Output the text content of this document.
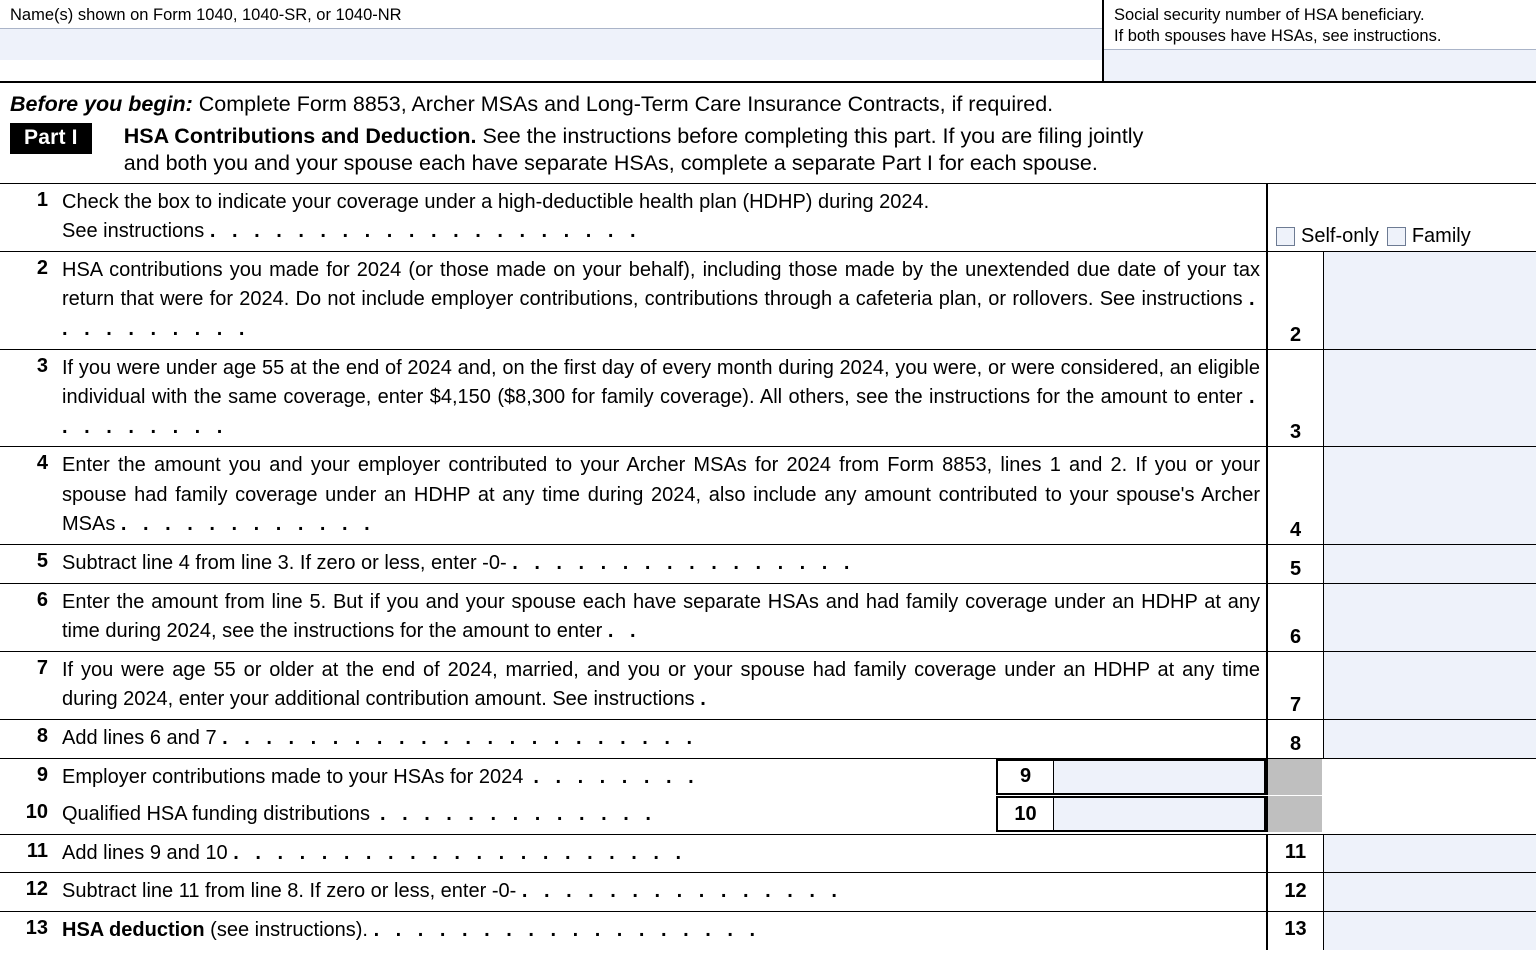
Name(s) shown on Form 1040, 1040-SR, or 1040-NR	Social security number of HSA beneficiary.
If both spouses have HSAs, see instructions.
Before you begin: Complete Form 8853, Archer MSAs and Long-Term Care Insurance Contracts, if required.
Part I	HSA Contributions and Deduction. See the instructions before completing this part. If you are filing jointly
and both you and your spouse each have separate HSAs, complete a separate Part I for each spouse.
1 Check the box to indicate your coverage under a high-deductible health plan (HDHP) during 2024.
See instructions . . . . . . . . . . . . . . . . . . . .	Self-only Family
2 HSA contributions you made for 2024 (or those made on your behalf), including those made by the unextended due date of your tax return that were for 2024. Do not include employer contributions, contributions through a cafeteria plan, or rollovers. See instructions . . . . . . . . . .	2
3 If you were under age 55 at the end of 2024 and, on the first day of every month during 2024, you were, or were considered, an eligible individual with the same coverage, enter $4,150 ($8,300 for family coverage). All others, see the instructions for the amount to enter . . . . . . . . .	3
4 Enter the amount you and your employer contributed to your Archer MSAs for 2024 from Form 8853, lines 1 and 2. If you or your spouse had family coverage under an HDHP at any time during 2024, also include any amount contributed to your spouse's Archer MSAs . . . . . . . . . . . .	4
5 Subtract line 4 from line 3. If zero or less, enter -0- . . . . . . . . . . . . . . . .	5
6 Enter the amount from line 5. But if you and your spouse each have separate HSAs and had family coverage under an HDHP at any time during 2024, see the instructions for the amount to enter . .	6
7 If you were age 55 or older at the end of 2024, married, and you or your spouse had family coverage under an HDHP at any time during 2024, enter your additional contribution amount. See instructions .	7
8 Add lines 6 and 7 . . . . . . . . . . . . . . . . . . . . . .	8
9 Employer contributions made to your HSAs for 2024 . . . . . . . .	9
10 Qualified HSA funding distributions . . . . . . . . . . . . .	10
11 Add lines 9 and 10 . . . . . . . . . . . . . . . . . . . . .	11
12 Subtract line 11 from line 8. If zero or less, enter -0- . . . . . . . . . . . . . . .	12
13 HSA deduction (see instructions). . . . . . . . . . . . . . . . . . .	13
